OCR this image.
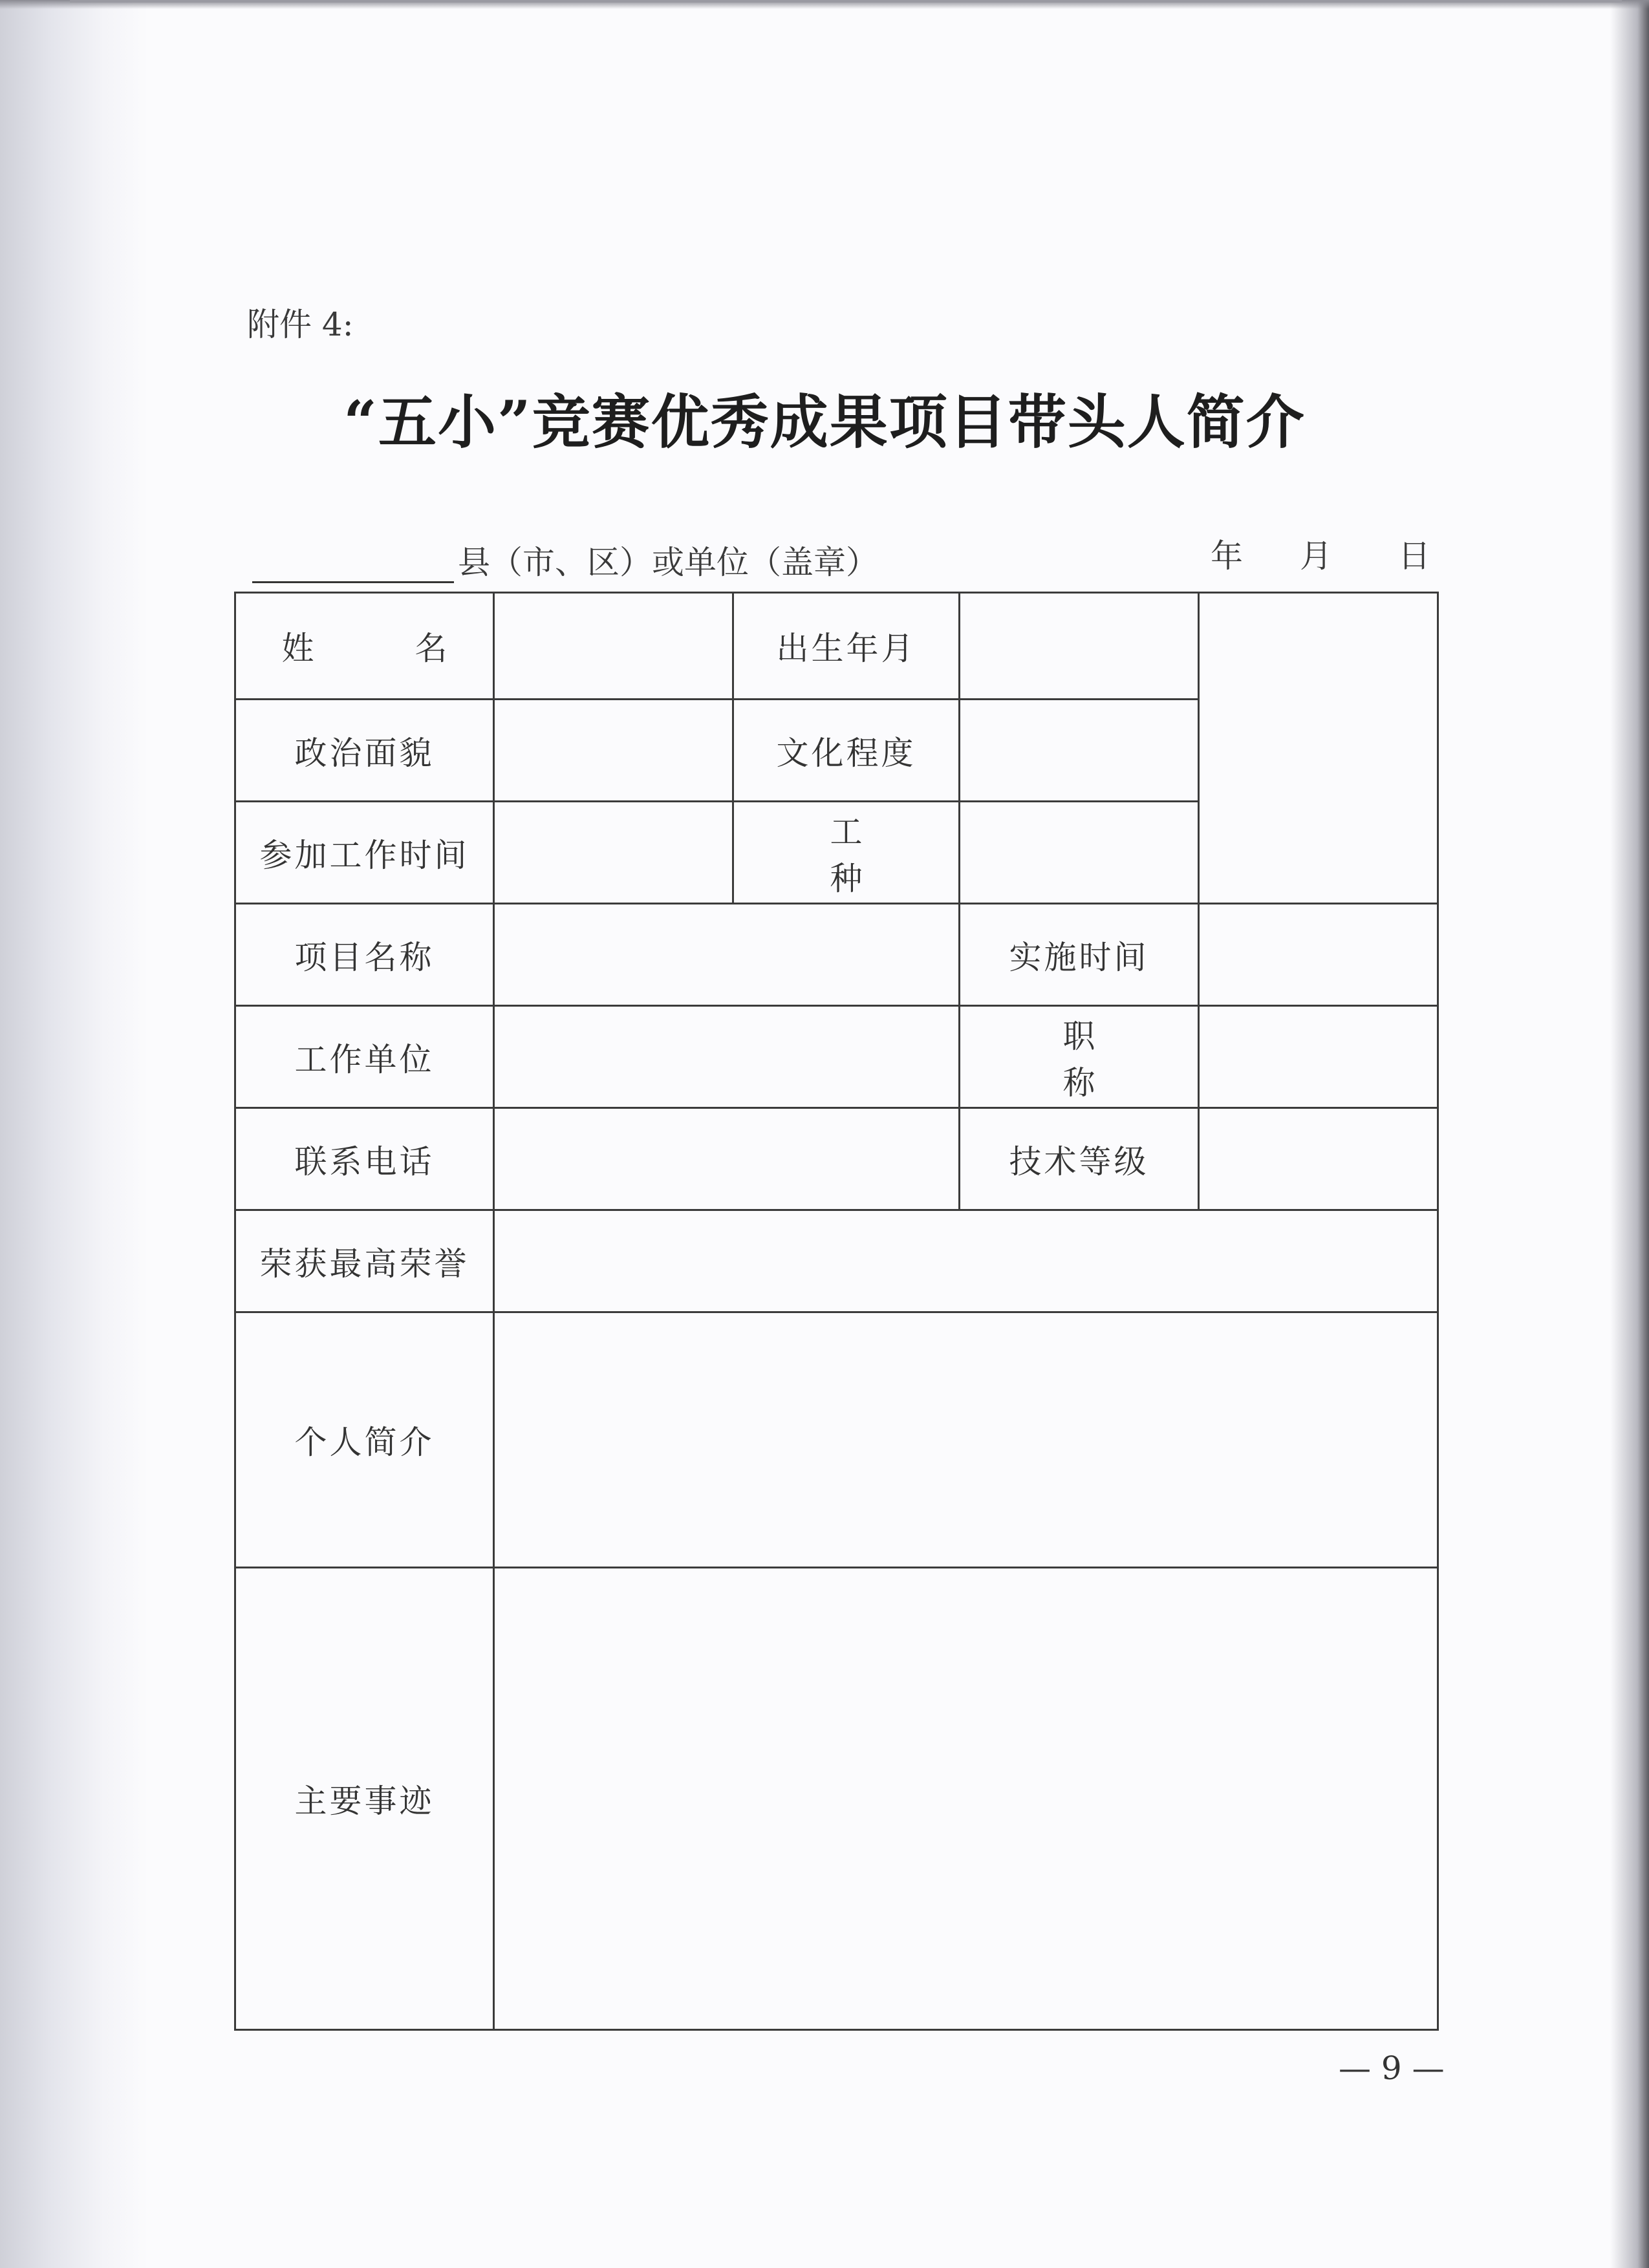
附件 4:
“五小”竞赛优秀成果项目带头人简介
县（市、区）或单位（盖章）	年 月 日
姓 名		出生年月		
政治面貌		文化程度		
参加工作时间		工 种		
项目名称			实施时间	
工作单位			职 称	
联系电话			技术等级	
荣获最高荣誉				
个人简介				
主要事迹				
— 9 —
